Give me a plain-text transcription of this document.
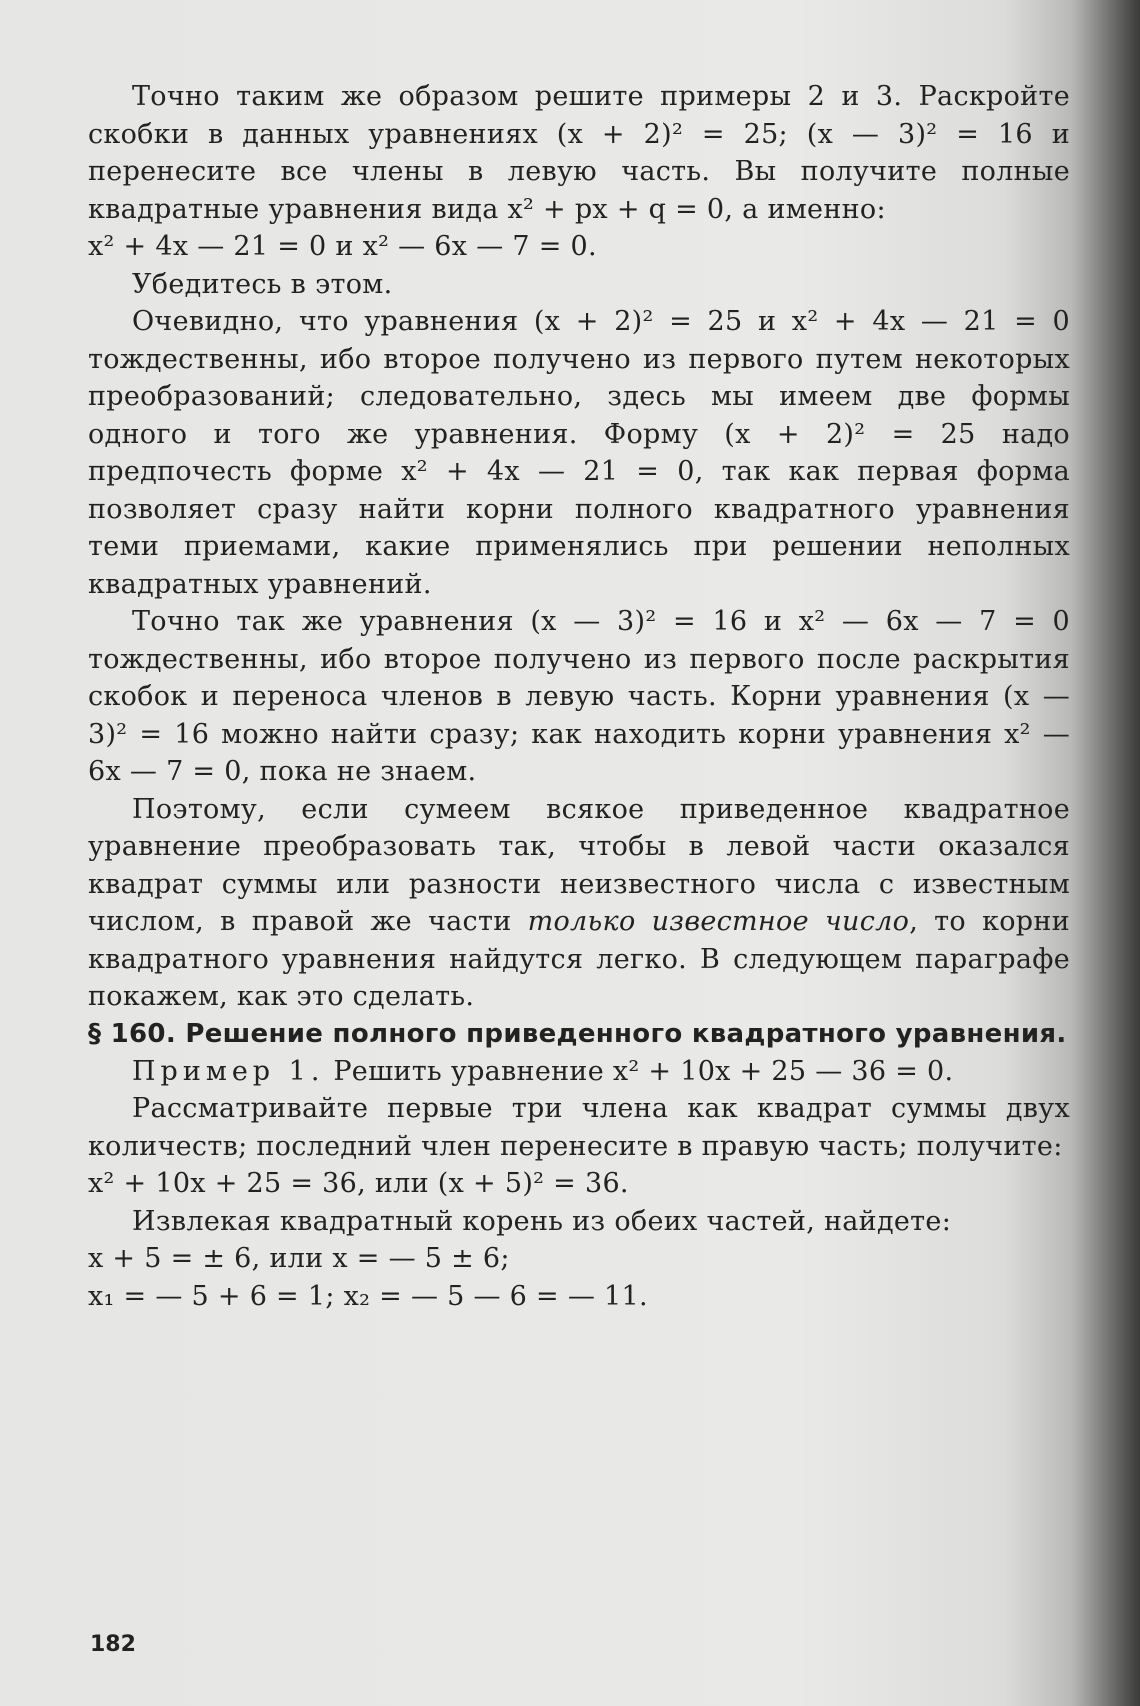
Точно таким же образом решите примеры 2 и 3. Раскройте скобки в данных уравнениях (x + 2)² = 25; (x — 3)² = 16 и перенесите все члены в левую часть. Вы получите полные квадратные уравнения вида x² + px + q = 0, а именно:

x² + 4x — 21 = 0 и x² — 6x — 7 = 0.

Убедитесь в этом.

Очевидно, что уравнения (x + 2)² = 25 и x² + 4x — 21 = 0 тождественны, ибо второе получено из первого путем некоторых преобразований; следовательно, здесь мы имеем две формы одного и того же уравнения. Форму (x + 2)² = 25 надо предпочесть форме x² + 4x — 21 = 0, так как первая форма позволяет сразу найти корни полного квадратного уравнения теми приемами, какие применялись при решении неполных квадратных уравнений.

Точно так же уравнения (x — 3)² = 16 и x² — 6x — 7 = 0 тождественны, ибо второе получено из первого после раскрытия скобок и переноса членов в левую часть. Корни уравнения (x — 3)² = 16 можно найти сразу; как находить корни уравнения x² — 6x — 7 = 0, пока не знаем.

Поэтому, если сумеем всякое приведенное квадратное уравнение преобразовать так, чтобы в левой части оказался квадрат суммы или разности неизвестного числа с известным числом, в правой же части только известное число, то корни квадратного уравнения найдутся легко. В следующем параграфе покажем, как это сделать.

§ 160. Решение полного приведенного квадратного уравнения.

Пример 1. Решить уравнение x² + 10x + 25 — 36 = 0.

Рассматривайте первые три члена как квадрат суммы двух количеств; последний член перенесите в правую часть; получите:

x² + 10x + 25 = 36, или (x + 5)² = 36.

Извлекая квадратный корень из обеих частей, найдете:

x + 5 = ± 6, или x = — 5 ± 6;

x₁ = — 5 + 6 = 1; x₂ = — 5 — 6 = — 11.

182
